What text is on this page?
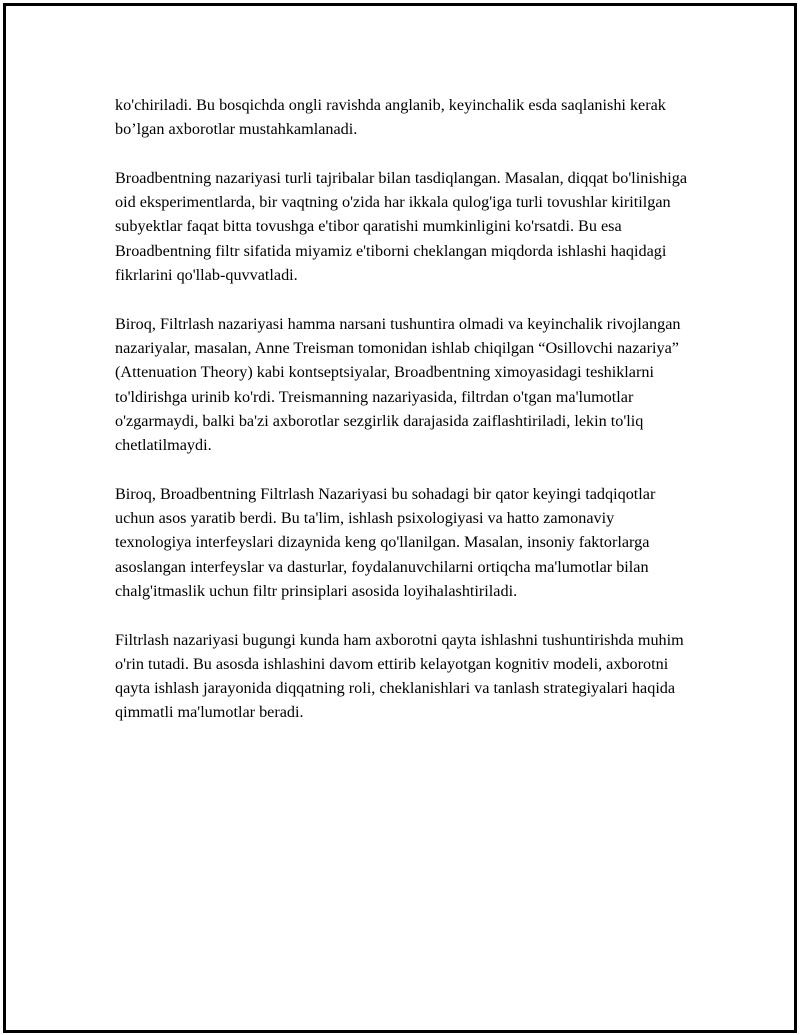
ko'chiriladi. Bu bosqichda ongli ravishda anglanib, keyinchalik esda saqlanishi kerak bo’lgan axborotlar mustahkamlanadi.

Broadbentning nazariyasi turli tajribalar bilan tasdiqlangan. Masalan, diqqat bo'linishiga oid eksperimentlarda, bir vaqtning o'zida har ikkala qulog'iga turli tovushlar kiritilgan subyektlar faqat bitta tovushga e'tibor qaratishi mumkinligini ko'rsatdi. Bu esa Broadbentning filtr sifatida miyamiz e'tiborni cheklangan miqdorda ishlashi haqidagi fikrlarini qo'llab-quvvatladi.

Biroq, Filtrlash nazariyasi hamma narsani tushuntira olmadi va keyinchalik rivojlangan nazariyalar, masalan, Anne Treisman tomonidan ishlab chiqilgan “Osillovchi nazariya” (Attenuation Theory) kabi kontseptsiyalar, Broadbentning ximoyasidagi teshiklarni to'ldirishga urinib ko'rdi. Treismanning nazariyasida, filtrdan o'tgan ma'lumotlar o'zgarmaydi, balki ba'zi axborotlar sezgirlik darajasida zaiflashtiriladi, lekin to'liq chetlatilmaydi.

Biroq, Broadbentning Filtrlash Nazariyasi bu sohadagi bir qator keyingi tadqiqotlar uchun asos yaratib berdi. Bu ta'lim, ishlash psixologiyasi va hatto zamonaviy texnologiya interfeyslari dizaynida keng qo'llanilgan. Masalan, insoniy faktorlarga asoslangan interfeyslar va dasturlar, foydalanuvchilarni ortiqcha ma'lumotlar bilan chalg'itmaslik uchun filtr prinsiplari asosida loyihalashtiriladi.

Filtrlash nazariyasi bugungi kunda ham axborotni qayta ishlashni tushuntirishda muhim o'rin tutadi. Bu asosda ishlashini davom ettirib kelayotgan kognitiv modeli, axborotni qayta ishlash jarayonida diqqatning roli, cheklanishlari va tanlash strategiyalari haqida qimmatli ma'lumotlar beradi.
